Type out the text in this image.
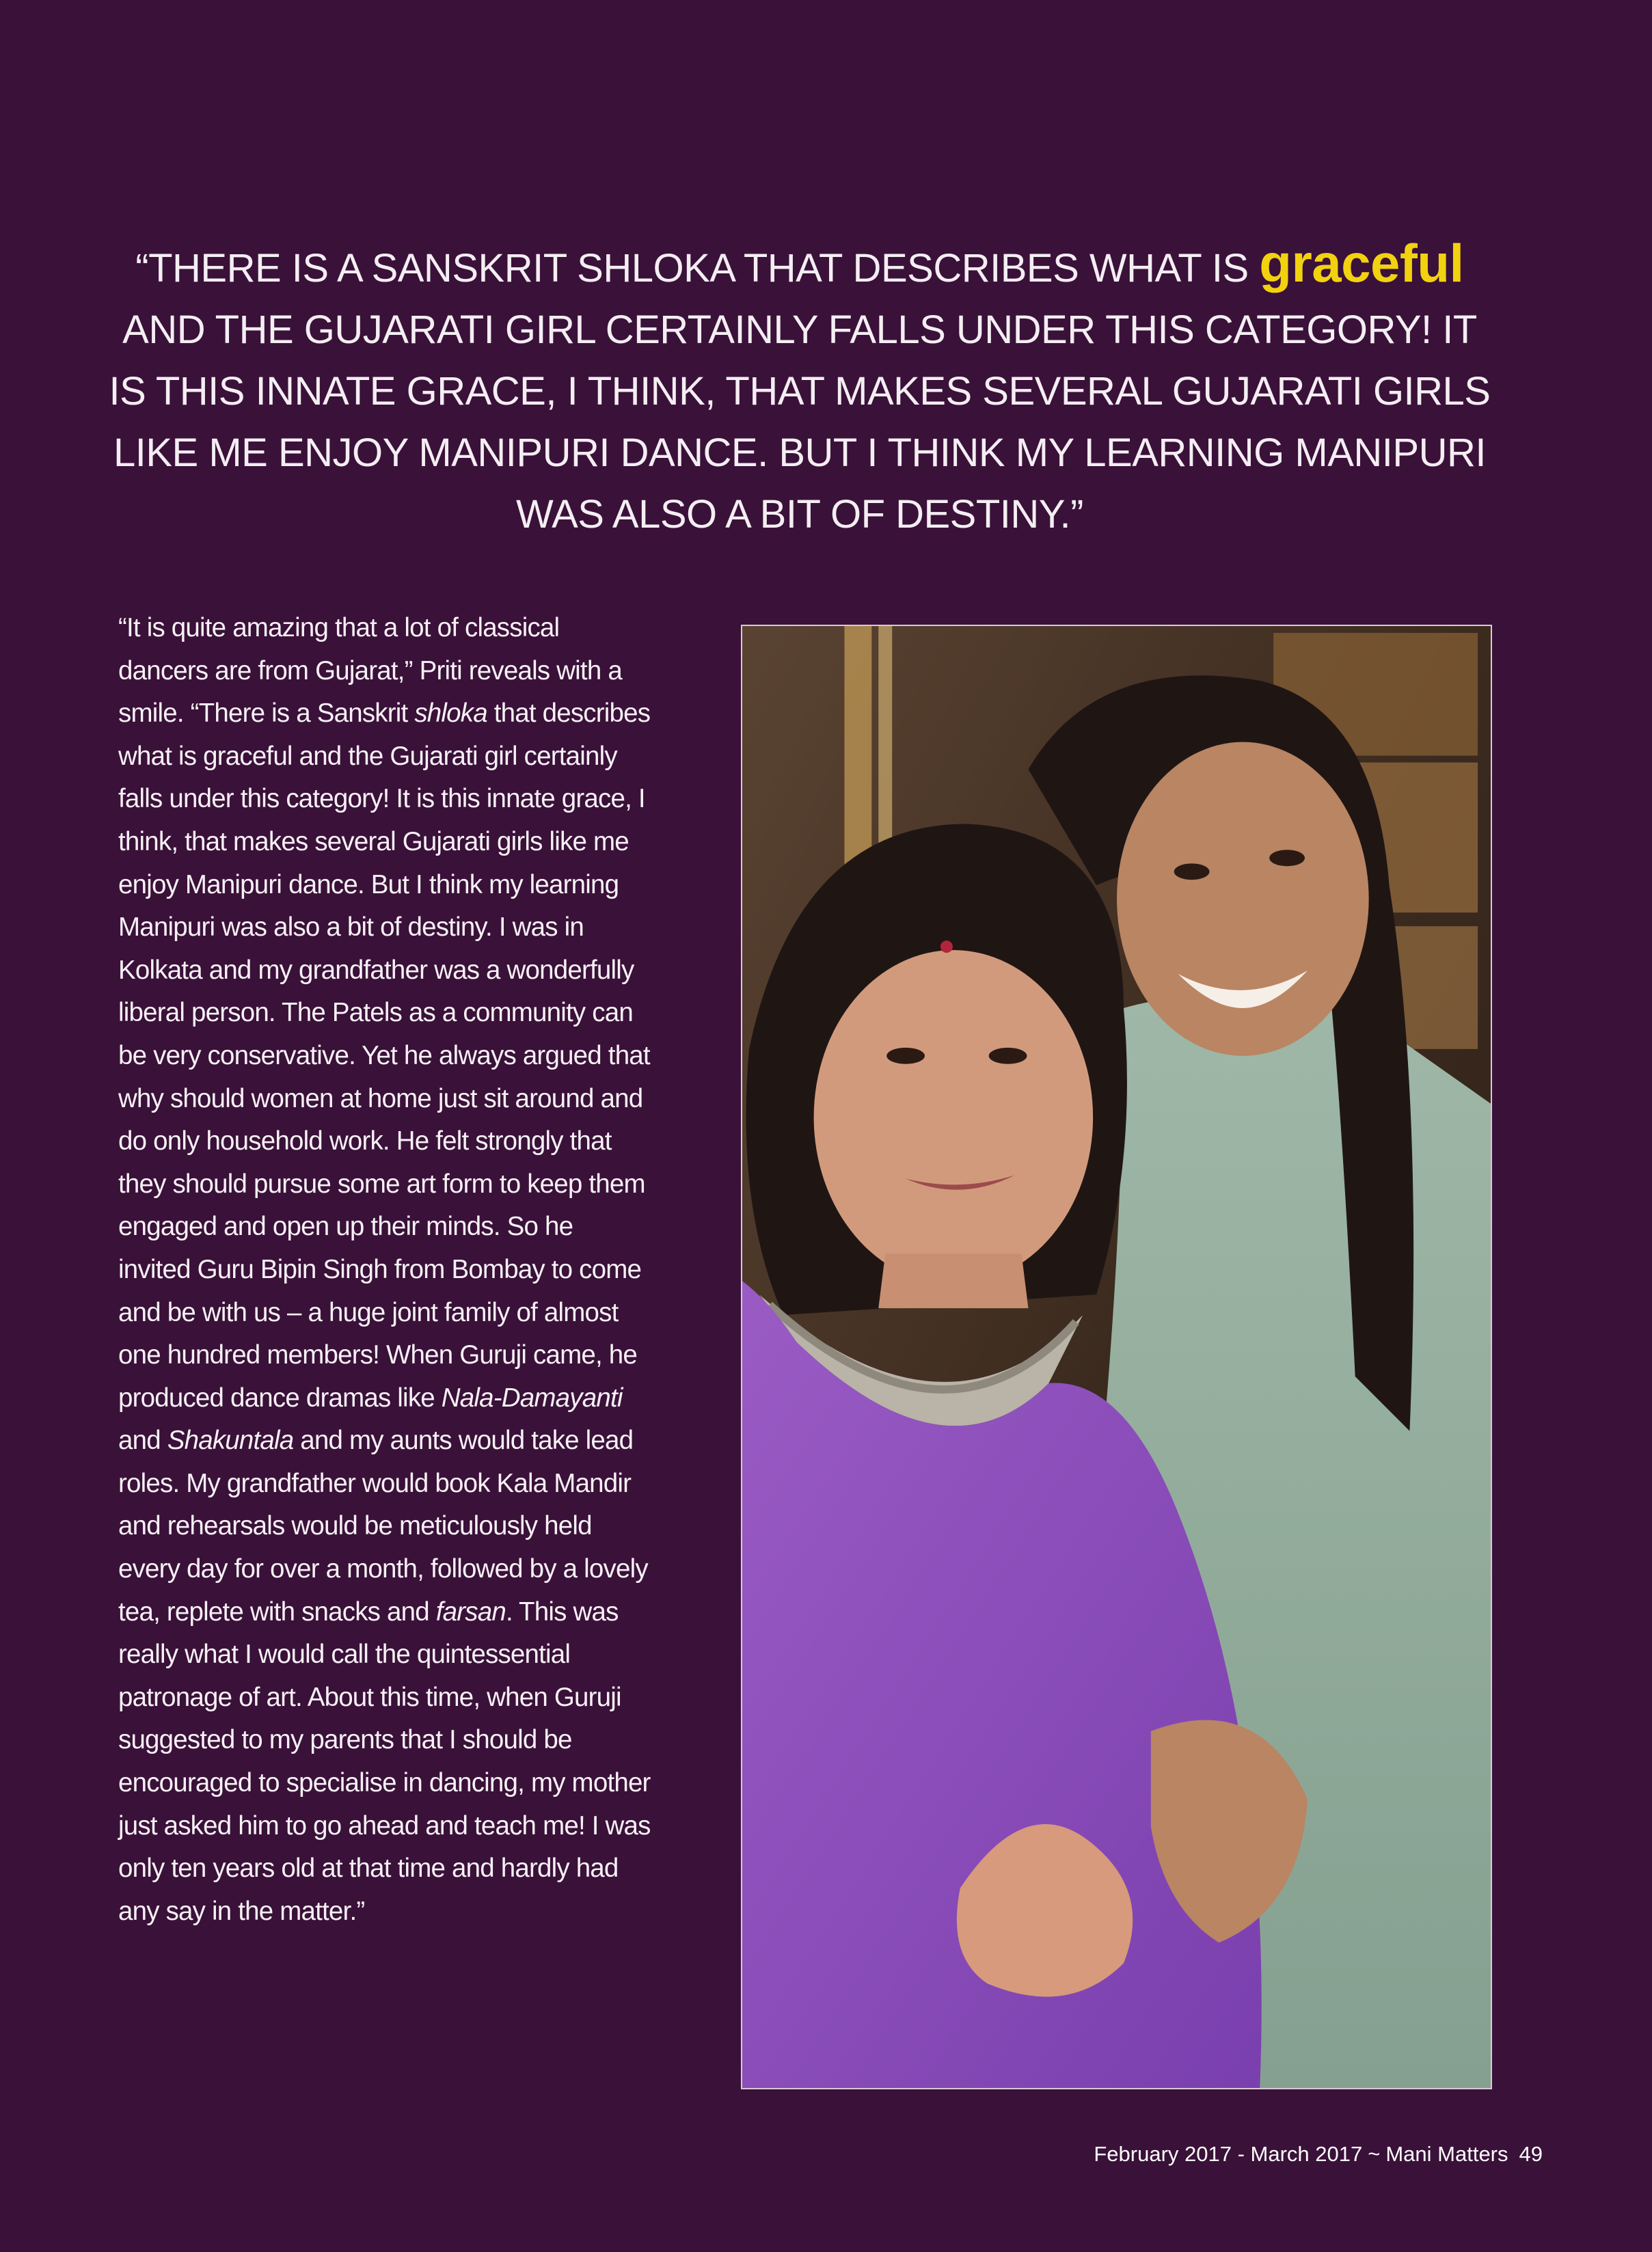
“THERE IS A SANSKRIT SHLOKA THAT DESCRIBES WHAT IS graceful AND THE GUJARATI GIRL CERTAINLY FALLS UNDER THIS CATEGORY! IT IS THIS INNATE GRACE, I THINK, THAT MAKES SEVERAL GUJARATI GIRLS LIKE ME ENJOY MANIPURI DANCE. BUT I THINK MY LEARNING MANIPURI WAS ALSO A BIT OF DESTINY.”
“It is quite amazing that a lot of classical dancers are from Gujarat,” Priti reveals with a smile. “There is a Sanskrit shloka that describes what is graceful and the Gujarati girl certainly falls under this category! It is this innate grace, I think, that makes several Gujarati girls like me enjoy Manipuri dance. But I think my learning Manipuri was also a bit of destiny. I was in Kolkata and my grandfather was a wonderfully liberal person. The Patels as a community can be very conservative. Yet he always argued that why should women at home just sit around and do only household work. He felt strongly that they should pursue some art form to keep them engaged and open up their minds. So he invited Guru Bipin Singh from Bombay to come and be with us – a huge joint family of almost one hundred members! When Guruji came, he produced dance dramas like Nala-Damayanti and Shakuntala and my aunts would take lead roles. My grandfather would book Kala Mandir and rehearsals would be meticulously held every day for over a month, followed by a lovely tea, replete with snacks and farsan. This was really what I would call the quintessential patronage of art. About this time, when Guruji suggested to my parents that I should be encouraged to specialise in dancing, my mother just asked him to go ahead and teach me! I was only ten years old at that time and hardly had any say in the matter.”
February 2017 - March 2017 ~ Mani Matters 49
